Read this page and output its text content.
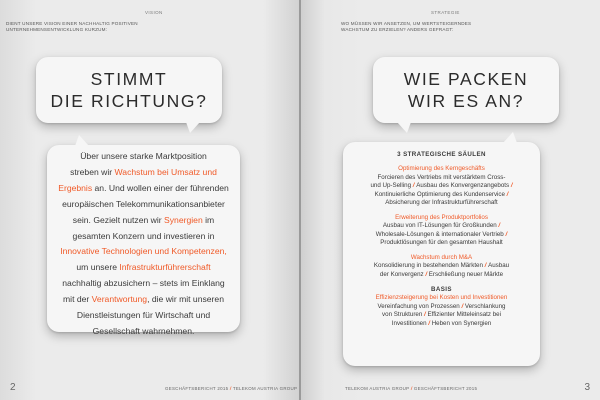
VISION
DIENT UNSERE VISION EINER NACHHALTIG POSITIVEN
UNTERNEHMENSENTWICKLUNG KURZUM:
STIMMT
DIE RICHTUNG?
Über unsere starke Marktposition
streben wir Wachstum bei Umsatz und
Ergebnis an. Und wollen einer der führenden
europäischen Telekommunikationsanbieter
sein. Gezielt nutzen wir Synergien im
gesamten Konzern und investieren in
Innovative Technologien und Kompetenzen,
um unsere Infrastrukturführerschaft
nachhaltig abzusichern – stets im Einklang
mit der Verantwortung, die wir mit unseren
Dienstleistungen für Wirtschaft und
Gesellschaft wahrnehmen.
2	GESCHÄFTSBERICHT 2015 / TELEKOM AUSTRIA GROUP
STRATEGIE
WO MÜSSEN WIR ANSETZEN, UM WERTSTEIGERNDES
WACHSTUM ZU ERZIELEN? ANDERS GEFRAGT:
WIE PACKEN
WIR ES AN?
3 STRATEGISCHE SÄULEN
Optimierung des Kerngeschäfts
Forcieren des Vertriebs mit verstärktem Cross-
und Up-Selling / Ausbau des Konvergenzangebots /
Kontinuierliche Optimierung des Kundenservice /
Absicherung der Infrastrukturführerschaft
Erweiterung des Produktportfolios
Ausbau von IT-Lösungen für Großkunden /
Wholesale-Lösungen & internationaler Vertrieb /
Produktlösungen für den gesamten Haushalt
Wachstum durch M&A
Konsolidierung in bestehenden Märkten / Ausbau
der Konvergenz / Erschließung neuer Märkte
BASIS
Effizienzsteigerung bei Kosten und Investitionen
Vereinfachung von Prozessen / Verschlankung
von Strukturen / Effizienter Mitteleinsatz bei
Investitionen / Heben von Synergien
TELEKOM AUSTRIA GROUP / GESCHÄFTSBERICHT 2015	3
